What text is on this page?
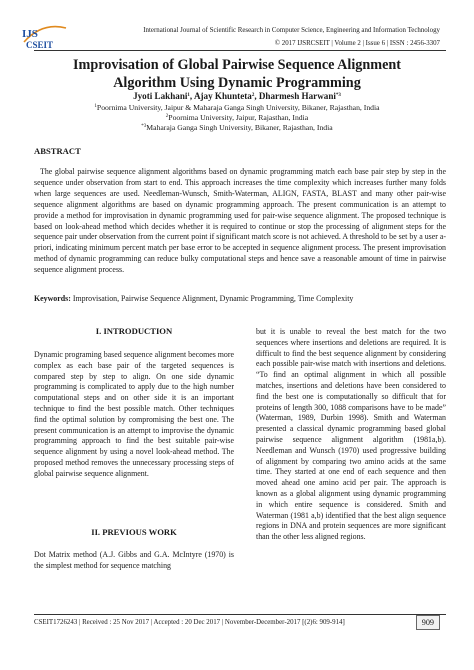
IJS
CSEIT
International Journal of Scientific Research in Computer Science, Engineering and Information Technology
© 2017 IJSRCSEIT | Volume 2 | Issue 6 | ISSN : 2456-3307
Improvisation of Global Pairwise Sequence Alignment
Algorithm Using Dynamic Programming
Jyoti Lakhani$^1$, Ajay Khunteta$^2$, Dharmesh Harwani$^{*3}$
$^1$Poornima University, Jaipur & Maharaja Ganga Singh University, Bikaner, Rajasthan, India
$^2$Poornima University, Jaipur, Rajasthan, India
$^{*3}$Maharaja Ganga Singh University, Bikaner, Rajasthan, India
ABSTRACT
The global pairwise sequence alignment algorithms based on dynamic programming match each base pair step by step in the sequence under observation from start to end. This approach increases the time complexity which increases further many folds when large sequences are used. Needleman-Wunsch, Smith-Waterman, ALIGN, FASTA, BLAST and many other pair-wise sequence alignment algorithms are based on dynamic programming approach. The present communication is an attempt to provide a method for improvisation in dynamic programming used for pair-wise sequence alignment. The proposed technique is based on look-ahead method which decides whether it is required to continue or stop the processing of alignment steps for the sequence pair under observation from the current point if significant match score is not achieved. A threshold to be set by a user a-priori, indicating minimum percent match per base error to be accepted in sequence alignment process. The present improvisation method of dynamic programming can reduce bulky computational steps and hence save a reasonable amount of time in pairwise sequence alignment process.
Keywords: Improvisation, Pairwise Sequence Alignment, Dynamic Programming, Time Complexity
I. INTRODUCTION
Dynamic programing based sequence alignment becomes more complex as each base pair of the targeted sequences is compared step by step to align. On one side dynamic programming is complicated to apply due to the high number computational steps and on other side it is an important technique to find the best possible match. Other techniques find the optimal solution by compromising the best one. The present communication is an attempt to improvise the dynamic programming approach to find the best suitable pair-wise sequence alignment by using a novel look-ahead method. The proposed method removes the unnecessary processing steps of global pairwise sequence alignment.
II. PREVIOUS WORK
Dot Matrix method (A.J. Gibbs and G.A. McIntyre (1970) is the simplest method for sequence matching
but it is unable to reveal the best match for the two sequences where insertions and deletions are required. It is difficult to find the best sequence alignment by considering each possible pair-wise match with insertions and deletions. “To find an optimal alignment in which all possible matches, insertions and deletions have been considered to find the best one is computationally so difficult that for proteins of length 300, 1088 comparisons have to be made” (Waterman, 1989, Durbin 1998). Smith and Waterman presented a classical dynamic programming based global pairwise sequence alignment algorithm (1981a,b). Needleman and Wunsch (1970) used progressive building of alignment by comparing two amino acids at the same time. They started at one end of each sequence and then moved ahead one amino acid per pair. The approach is known as a global alignment using dynamic programming in which entire sequence is considered. Smith and Waterman (1981 a,b) identified that the best align sequence regions in DNA and protein sequences are more significant than the other less aligned regions.
CSEIT1726243 | Received : 25 Nov 2017 | Accepted : 20 Dec 2017 | November-December-2017 [(2)6: 909-914]	909
